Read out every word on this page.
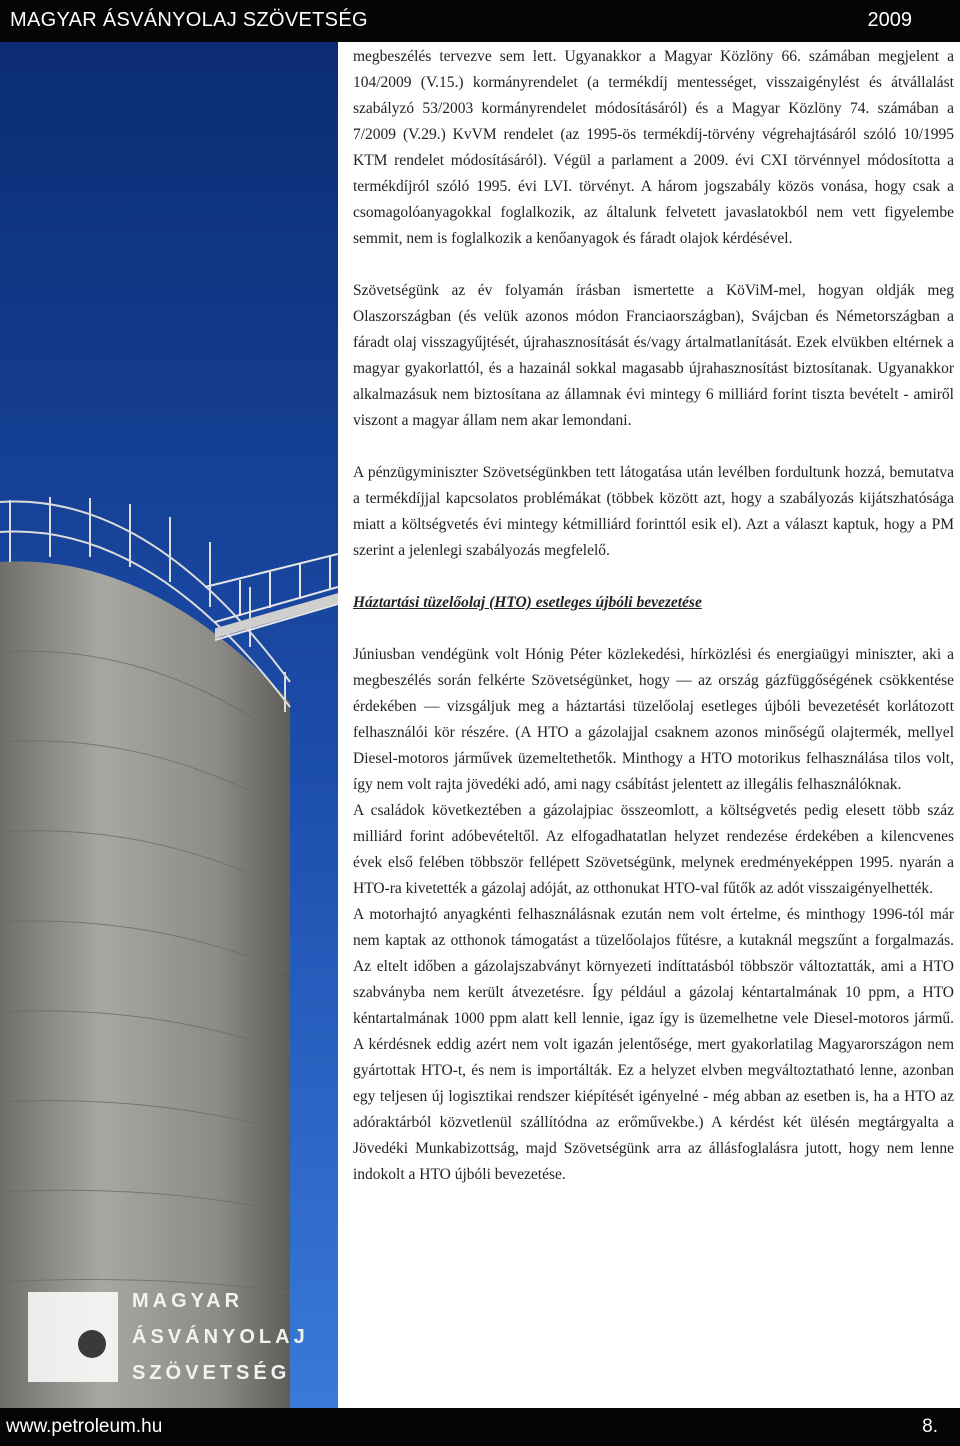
MAGYAR ÁSVÁNYOLAJ SZÖVETSÉG	2009
MAGYAR
ÁSVÁNYOLAJ
SZÖVETSÉG

megbeszélés tervezve sem lett. Ugyanakkor a Magyar Közlöny 66. számában megjelent a 104/2009 (V.15.) kormányrendelet (a termékdíj mentességet, visszaigénylést és átvállalást szabályzó 53/2003 kormányrendelet módosításáról) és a Magyar Közlöny 74. számában a 7/2009 (V.29.) KvVM rendelet (az 1995-ös termékdíj-törvény végrehajtásáról szóló 10/1995 KTM rendelet módosításáról). Végül a parlament a 2009. évi CXI törvénnyel módosította a termékdíjról szóló 1995. évi LVI. törvényt. A három jogszabály közös vonása, hogy csak a csomagolóanyagokkal foglalkozik, az általunk felvetett javaslatokból nem vett figyelembe semmit, nem is foglalkozik a kenőanyagok és fáradt olajok kérdésével.

Szövetségünk az év folyamán írásban ismertette a KöViM-mel, hogyan oldják meg Olaszországban (és velük azonos módon Franciaországban), Svájcban és Németországban a fáradt olaj visszagyűjtését, újrahasznosítását és/vagy ártalmatlanítását. Ezek elvükben eltérnek a magyar gyakorlattól, és a hazainál sokkal magasabb újrahasznosítást biztosítanak. Ugyanakkor alkalmazásuk nem biztosítana az államnak évi mintegy 6 milliárd forint tiszta bevételt - amiről viszont a magyar állam nem akar lemondani.

A pénzügyminiszter Szövetségünkben tett látogatása után levélben fordultunk hozzá, bemutatva a termékdíjjal kapcsolatos problémákat (többek között azt, hogy a szabályozás kijátszhatósága miatt a költségvetés évi mintegy kétmilliárd forinttól esik el). Azt a választ kaptuk, hogy a PM szerint a jelenlegi szabályozás megfelelő.

Háztartási tüzelőolaj (HTO) esetleges újbóli bevezetése

Júniusban vendégünk volt Hónig Péter közlekedési, hírközlési és energiaügyi miniszter, aki a megbeszélés során felkérte Szövetségünket, hogy — az ország gázfüggőségének csökkentése érdekében — vizsgáljuk meg a háztartási tüzelőolaj esetleges újbóli bevezetését korlátozott felhasználói kör részére. (A HTO a gázolajjal csaknem azonos minőségű olajtermék, mellyel Diesel-motoros járművek üzemeltethetők. Minthogy a HTO motorikus felhasználása tilos volt, így nem volt rajta jövedéki adó, ami nagy csábítást jelentett az illegális felhasználóknak.

A családok következtében a gázolajpiac összeomlott, a költségvetés pedig elesett több száz milliárd forint adóbevételtől. Az elfogadhatatlan helyzet rendezése érdekében a kilencvenes évek első felében többször fellépett Szövetségünk, melynek eredményeképpen 1995. nyarán a HTO-ra kivetették a gázolaj adóját, az otthonukat HTO-val fűtők az adót visszaigényelhették.

A motorhajtó anyagkénti felhasználásnak ezután nem volt értelme, és minthogy 1996-tól már nem kaptak az otthonok támogatást a tüzelőolajos fűtésre, a kutaknál megszűnt a forgalmazás. Az eltelt időben a gázolajszabványt környezeti indíttatásból többször változtatták, ami a HTO szabványba nem került átvezetésre. Így például a gázolaj kéntartalmának 10 ppm, a HTO kéntartalmának 1000 ppm alatt kell lennie, igaz így is üzemelhetne vele Diesel-motoros jármű. A kérdésnek eddig azért nem volt igazán jelentősége, mert gyakorlatilag Magyarországon nem gyártottak HTO-t, és nem is importálták. Ez a helyzet elvben megváltoztatható lenne, azonban egy teljesen új logisztikai rendszer kiépítését igényelné - még abban az esetben is, ha a HTO az adóraktárból közvetlenül szállítódna az erőművekbe.) A kérdést két ülésén megtárgyalta a Jövedéki Munkabizottság, majd Szövetségünk arra az állásfoglalásra jutott, hogy nem lenne indokolt a HTO újbóli bevezetése.

www.petroleum.hu	8.
